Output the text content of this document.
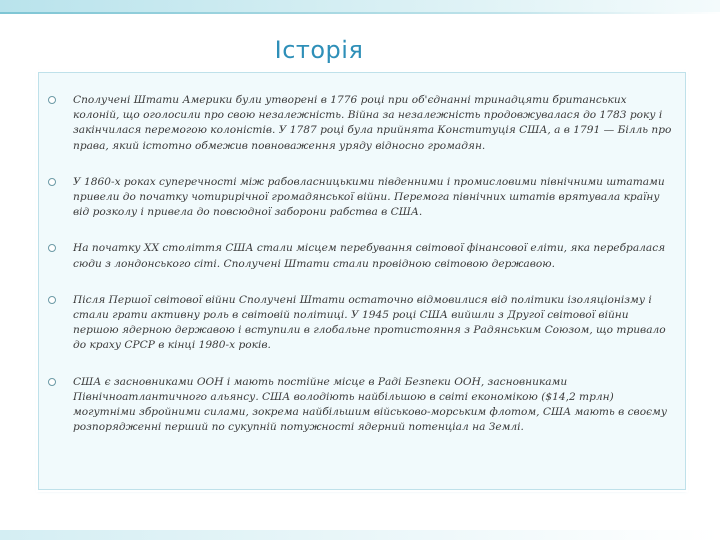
Історія
Сполучені Штати Америки були утворені в 1776 році при об'єднанні тринадцяти британських колоній, що оголосили про свою незалежність. Війна за незалежність продовжувалася до 1783 року і закінчилася перемогою колоністів. У 1787 році була прийнята Конституція США, а в 1791 — Білль про права, який істотно обмежив повноваження уряду відносно громадян.
У 1860-х роках суперечності між рабовласницькими південними і промисловими північними штатами привели до початку чотирирічної громадянської війни. Перемога північних штатів врятувала країну від розколу і привела до повсюдної заборони рабства в США.
На початку XX століття США стали місцем перебування світової фінансової еліти, яка перебралася сюди з лондонського сіті. Сполучені Штати стали провідною світовою державою.
Після Першої світової війни Сполучені Штати остаточно відмовилися від політики ізоляціонізму і стали грати активну роль в світовій політиці. У 1945 році США вийшли з Другої світової війни першою ядерною державою і вступили в глобальне протистояння з Радянським Союзом, що тривало до краху СРСР в кінці 1980-х років.
США є засновниками ООН і мають постійне місце в Раді Безпеки ООН, засновниками Північноатлантичного альянсу. США володіють найбільшою в світі економікою ($14,2 трлн) могутніми збройними силами, зокрема найбільшим військово-морським флотом, США мають в своєму розпорядженні перший по сукупній потужності ядерний потенціал на Землі.
